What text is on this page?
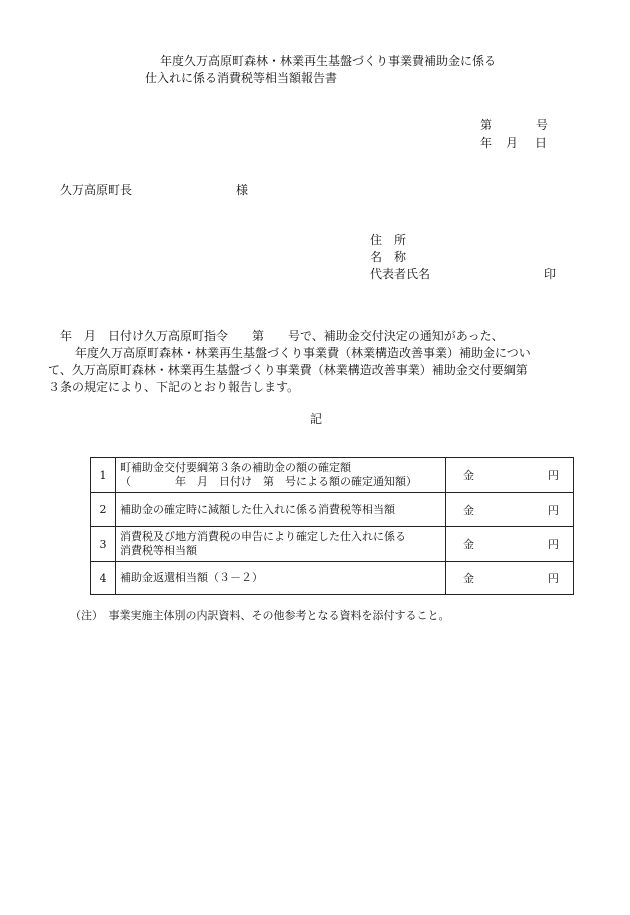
年度久万高原町森林・林業再生基盤づくり事業費補助金に係る
仕入れに係る消費税等相当額報告書
第	号
年 月 日
久万高原町長	様
住　所
名　称
代表者氏名	印
年　月　日付け久万高原町指令　　第　　号で、補助金交付決定の通知があった、
年度久万高原町森林・林業再生基盤づくり事業費（林業構造改善事業）補助金につい
て、久万高原町森林・林業再生基盤づくり事業費（林業構造改善事業）補助金交付要綱第
３条の規定により、下記のとおり報告します。
記
1	町補助金交付要綱第３条の補助金の額の確定額
（　　　　年　月　日付け　第　号による額の確定通知額）	金 円

2	補助金の確定時に減額した仕入れに係る消費税等相当額	金 円

3	消費税及び地方消費税の申告により確定した仕入れに係る
消費税等相当額	金 円

4	補助金返還相当額（３－２）	金 円
（注）　事業実施主体別の内訳資料、その他参考となる資料を添付すること。
